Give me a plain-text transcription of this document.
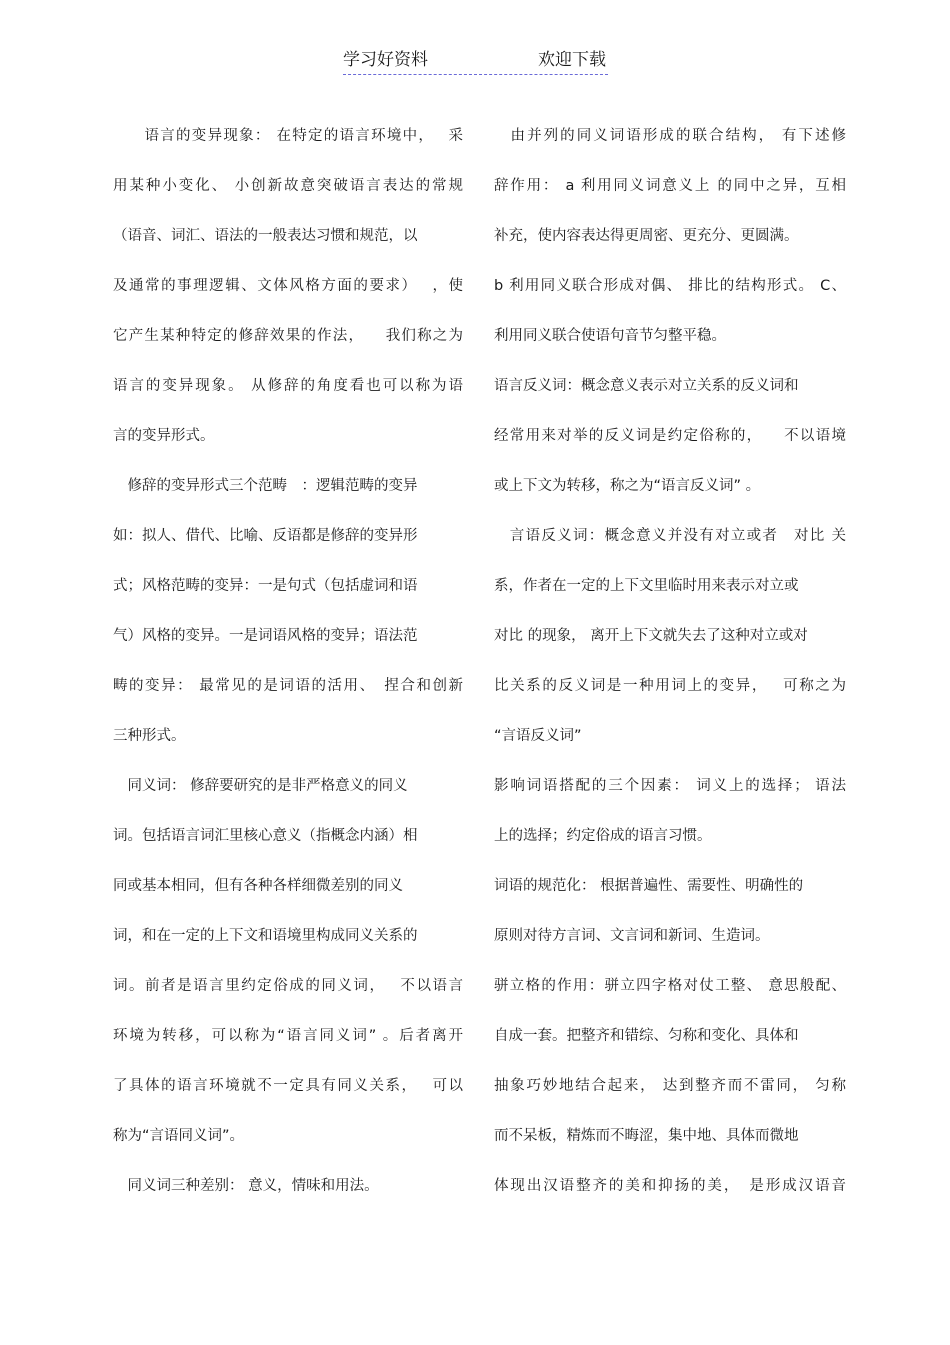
学习好资料	欢迎下载
　　语言的变异现象： 在特定的语言环境中，　 采
用某种小变化、 小创新故意突破语言表达的常规
（语音、词汇、语法的一般表达习惯和规范，以
及通常的事理逻辑、文体风格方面的要求）　 ，使
它产生某种特定的修辞效果的作法， 　我们称之为
语言的变异现象。 从修辞的角度看也可以称为语
言的变异形式。
　修辞的变异形式三个范畴　：逻辑范畴的变异
如：拟人、借代、比喻、反语都是修辞的变异形
式；风格范畴的变异：一是句式（包括虚词和语
气）风格的变异。一是词语风格的变异；语法范
畴的变异： 最常见的是词语的活用、　捏合和创新
三种形式。
　同义词： 修辞要研究的是非严格意义的同义
词。包括语言词汇里核心意义（指概念内涵）相
同或基本相同，但有各种各样细微差别的同义
词，和在一定的上下文和语境里构成同义关系的
词。前者是语言里约定俗成的同义词，　 不以语言
环境为转移，可以称为“语言同义词” 。后者离开
了具体的语言环境就不一定具有同义关系，　 可以
称为“言语同义词”。
　同义词三种差别： 意义，情味和用法。
　由并列的同义词语形成的联合结构， 有下述修
辞作用： a 利用同义词意义上 的同中之异，互相
补充，使内容表达得更周密、更充分、更圆满。
b 利用同义联合形成对偶、 排比的结构形式。 C、
利用同义联合使语句音节匀整平稳。
语言反义词：概念意义表示对立关系的反义词和
经常用来对举的反义词是约定俗称的， 　不以语境
或上下文为转移，称之为“语言反义词” 。
　言语反义词：概念意义并没有对立或者　对比 关
系，作者在一定的上下文里临时用来表示对立或
对比 的现象， 离开上下文就失去了这种对立或对
比关系的反义词是一种用词上的变异，　 可称之为
“言语反义词”
影响词语搭配的三个因素： 词义上的选择； 语法
上的选择；约定俗成的语言习惯。
词语的规范化： 根据普遍性、需要性、明确性的
原则对待方言词、文言词和新词、生造词。
骈立格的作用：骈立四字格对仗工整、 意思般配、
自成一套。把整齐和错综、匀称和变化、具体和
抽象巧妙地结合起来， 达到整齐而不雷同， 匀称
而不呆板，精炼而不晦涩，集中地、具体而微地
体现出汉语整齐的美和抑扬的美，　是形成汉语音
